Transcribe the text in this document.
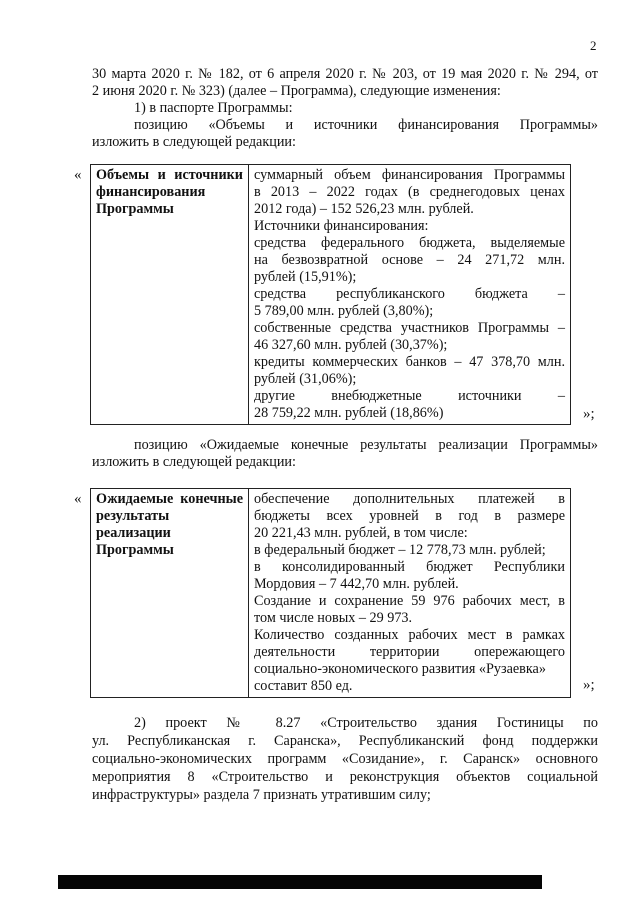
2
30 марта 2020 г. № 182, от 6 апреля 2020 г. № 203, от 19 мая 2020 г. № 294, от
2 июня 2020 г. № 323) (далее – Программа), следующие изменения:
1) в паспорте Программы:
позицию «Объемы и источники финансирования Программы»
изложить в следующей редакции:
« Объемы и источники
финансирования
Программы

суммарный объем финансирования Программы
в 2013 – 2022 годах (в среднегодовых ценах
2012 года) – 152 526,23 млн. рублей.
Источники финансирования:
средства федерального бюджета, выделяемые
на безвозвратной основе – 24 271,72 млн.
рублей (15,91%);
средства республиканского бюджета –
5 789,00 млн. рублей (3,80%);
собственные средства участников Программы –
46 327,60 млн. рублей (30,37%);
кредиты коммерческих банков – 47 378,70 млн.
рублей (31,06%);
другие внебюджетные источники –
28 759,22 млн. рублей (18,86%)	»;
позицию «Ожидаемые конечные результаты реализации Программы»
изложить в следующей редакции:
« Ожидаемые конечные
результаты
реализации
Программы

обеспечение дополнительных платежей в
бюджеты всех уровней в год в размере
20 221,43 млн. рублей, в том числе:
в федеральный бюджет – 12 778,73 млн. рублей;
в консолидированный бюджет Республики
Мордовия – 7 442,70 млн. рублей.
Создание и сохранение 59 976 рабочих мест, в
том числе новых – 29 973.
Количество созданных рабочих мест в рамках
деятельности территории опережающего
социально-экономического развития «Рузаевка»
составит 850 ед.	»;
2) проект № 8.27 «Строительство здания Гостиницы по
ул. Республиканская г. Саранска», Республиканский фонд поддержки
социально-экономических программ «Созидание», г. Саранск» основного
мероприятия 8 «Строительство и реконструкция объектов социальной
инфраструктуры» раздела 7 признать утратившим силу;
